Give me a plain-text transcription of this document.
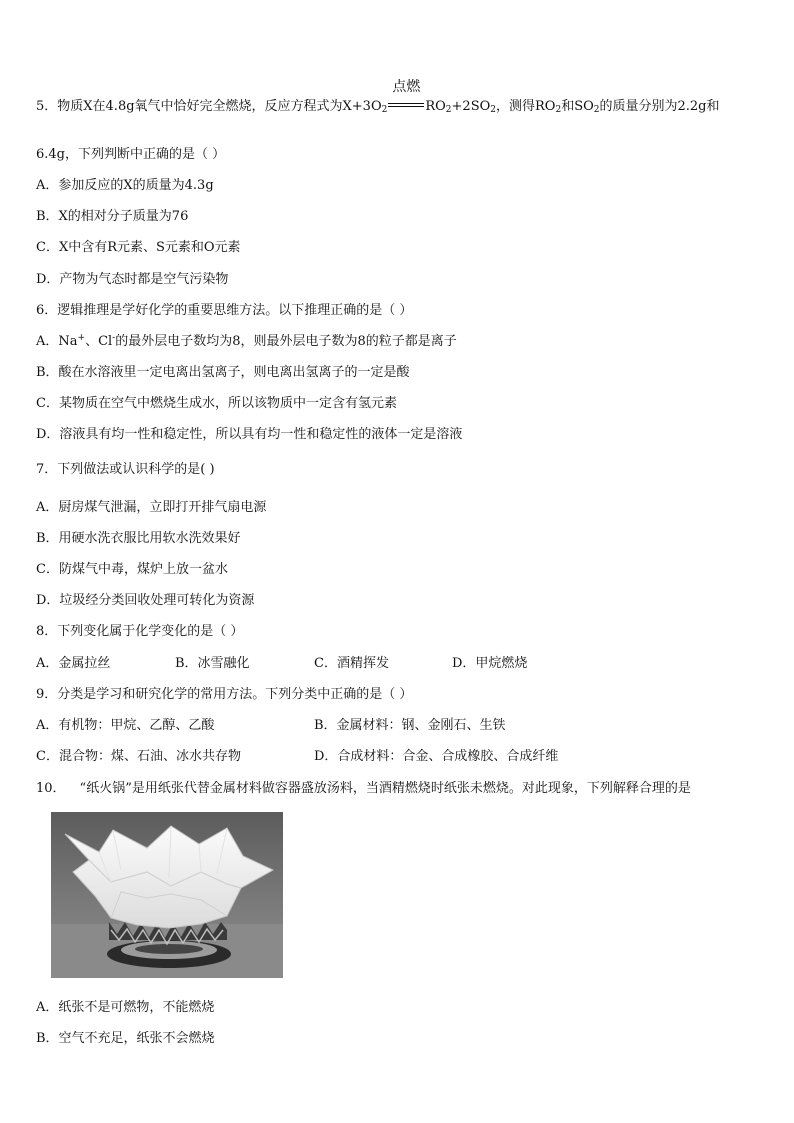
5．物质X在4.8g氧气中恰好完全燃烧，反应方程式为$X+3O_2$
点燃
$RO_2+2SO_2$，测得$RO_2$和$SO_2$的质量分别为2.2g和
6.4g，下列判断中正确的是（ ）
A．参加反应的X的质量为4.3g
B．X的相对分子质量为76
C．X中含有R元素、S元素和O元素
D．产物为气态时都是空气污染物
6．逻辑推理是学好化学的重要思维方法。以下推理正确的是（ ）
A．Na+、Cl-的最外层电子数均为8，则最外层电子数为8的粒子都是离子
B．酸在水溶液里一定电离出氢离子，则电离出氢离子的一定是酸
C．某物质在空气中燃烧生成水，所以该物质中一定含有氢元素
D．溶液具有均一性和稳定性，所以具有均一性和稳定性的液体一定是溶液
7．下列做法或认识科学的是( )
A．厨房煤气泄漏，立即打开排气扇电源
B．用硬水洗衣服比用软水洗效果好
C．防煤气中毒，煤炉上放一盆水
D．垃圾经分类回收处理可转化为资源
8．下列变化属于化学变化的是（ ）
A．金属拉丝	B．冰雪融化	C．酒精挥发	D．甲烷燃烧
9．分类是学习和研究化学的常用方法。下列分类中正确的是（ ）
A．有机物：甲烷、乙醇、乙酸	B．金属材料：钢、金刚石、生铁
C．混合物：煤、石油、冰水共存物	D．合成材料：合金、合成橡胶、合成纤维
10． “纸火锅”是用纸张代替金属材料做容器盛放汤料，当酒精燃烧时纸张未燃烧。对此现象，下列解释合理的是
A．纸张不是可燃物，不能燃烧
B．空气不充足，纸张不会燃烧
